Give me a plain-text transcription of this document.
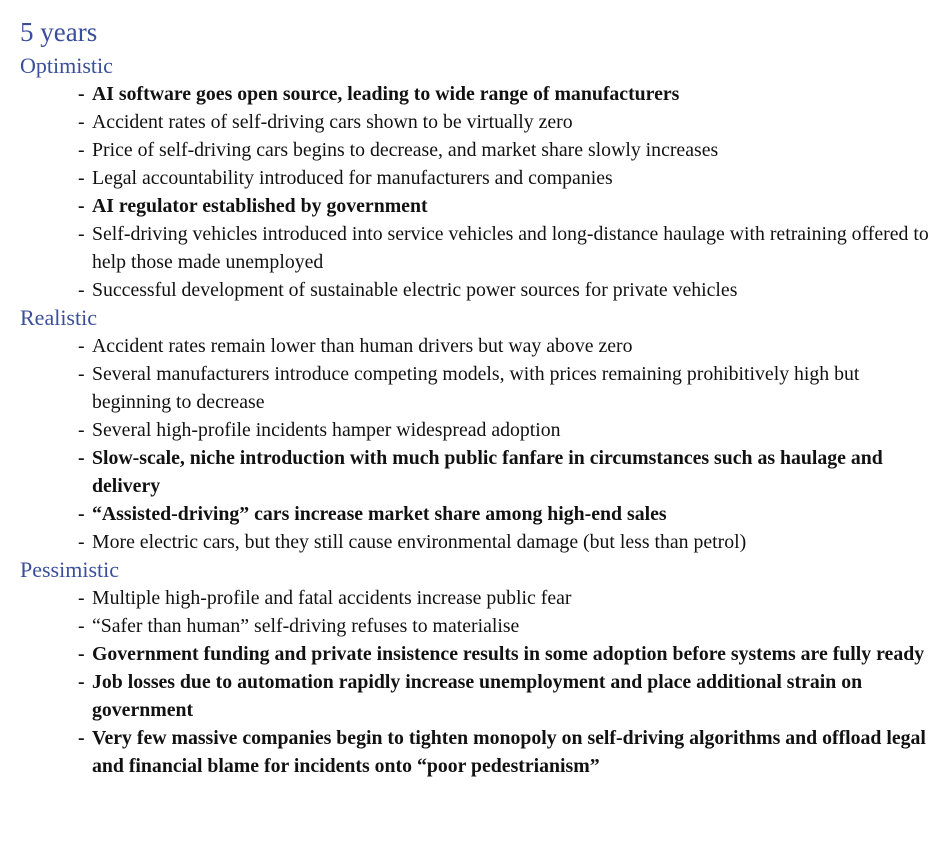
5 years
Optimistic
-AI software goes open source, leading to wide range of manufacturers
-Accident rates of self-driving cars shown to be virtually zero
-Price of self-driving cars begins to decrease, and market share slowly increases
-Legal accountability introduced for manufacturers and companies
-AI regulator established by government
-Self-driving vehicles introduced into service vehicles and long-distance haulage with retraining offered to help those made unemployed
-Successful development of sustainable electric power sources for private vehicles
Realistic
-Accident rates remain lower than human drivers but way above zero
-Several manufacturers introduce competing models, with prices remaining prohibitively high but beginning to decrease
-Several high-profile incidents hamper widespread adoption
-Slow-scale, niche introduction with much public fanfare in circumstances such as haulage and delivery
-“Assisted-driving” cars increase market share among high-end sales
-More electric cars, but they still cause environmental damage (but less than petrol)
Pessimistic
-Multiple high-profile and fatal accidents increase public fear
-“Safer than human” self-driving refuses to materialise
-Government funding and private insistence results in some adoption before systems are fully ready
-Job losses due to automation rapidly increase unemployment and place additional strain on government
-Very few massive companies begin to tighten monopoly on self-driving algorithms and offload legal and financial blame for incidents onto “poor pedestrianism”
